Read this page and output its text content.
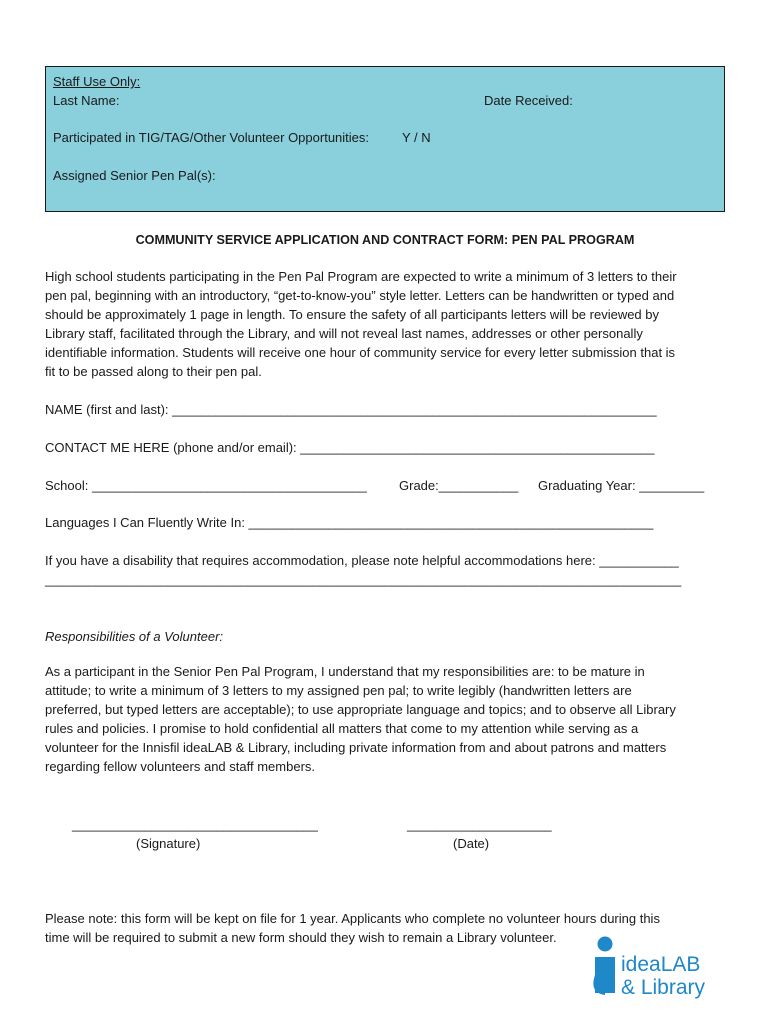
Staff Use Only:
Last Name:	Date Received:
Participated in TIG/TAG/Other Volunteer Opportunities:	Y / N
Assigned Senior Pen Pal(s):
COMMUNITY SERVICE APPLICATION AND CONTRACT FORM: PEN PAL PROGRAM
High school students participating in the Pen Pal Program are expected to write a minimum of 3 letters to their
pen pal, beginning with an introductory, “get-to-know-you” style letter. Letters can be handwritten or typed and
should be approximately 1 page in length. To ensure the safety of all participants letters will be reviewed by
Library staff, facilitated through the Library, and will not reveal last names, addresses or other personally
identifiable information. Students will receive one hour of community service for every letter submission that is
fit to be passed along to their pen pal.
NAME (first and last): ___________________________________________________________________
CONTACT ME HERE (phone and/or email): _________________________________________________
School: ______________________________________ Grade:___________ Graduating Year: _________
Languages I Can Fluently Write In: ________________________________________________________
If you have a disability that requires accommodation, please note helpful accommodations here: ___________
________________________________________________________________________________________
Responsibilities of a Volunteer:
As a participant in the Senior Pen Pal Program, I understand that my responsibilities are: to be mature in
attitude; to write a minimum of 3 letters to my assigned pen pal; to write legibly (handwritten letters are
preferred, but typed letters are acceptable); to use appropriate language and topics; and to observe all Library
rules and policies. I promise to hold confidential all matters that come to my attention while serving as a
volunteer for the Innisfil ideaLAB & Library, including private information from and about patrons and matters
regarding fellow volunteers and staff members.
__________________________________
(Signature)
____________________
(Date)
Please note: this form will be kept on file for 1 year. Applicants who complete no volunteer hours during this
time will be required to submit a new form should they wish to remain a Library volunteer.
ideaLAB
& Library
